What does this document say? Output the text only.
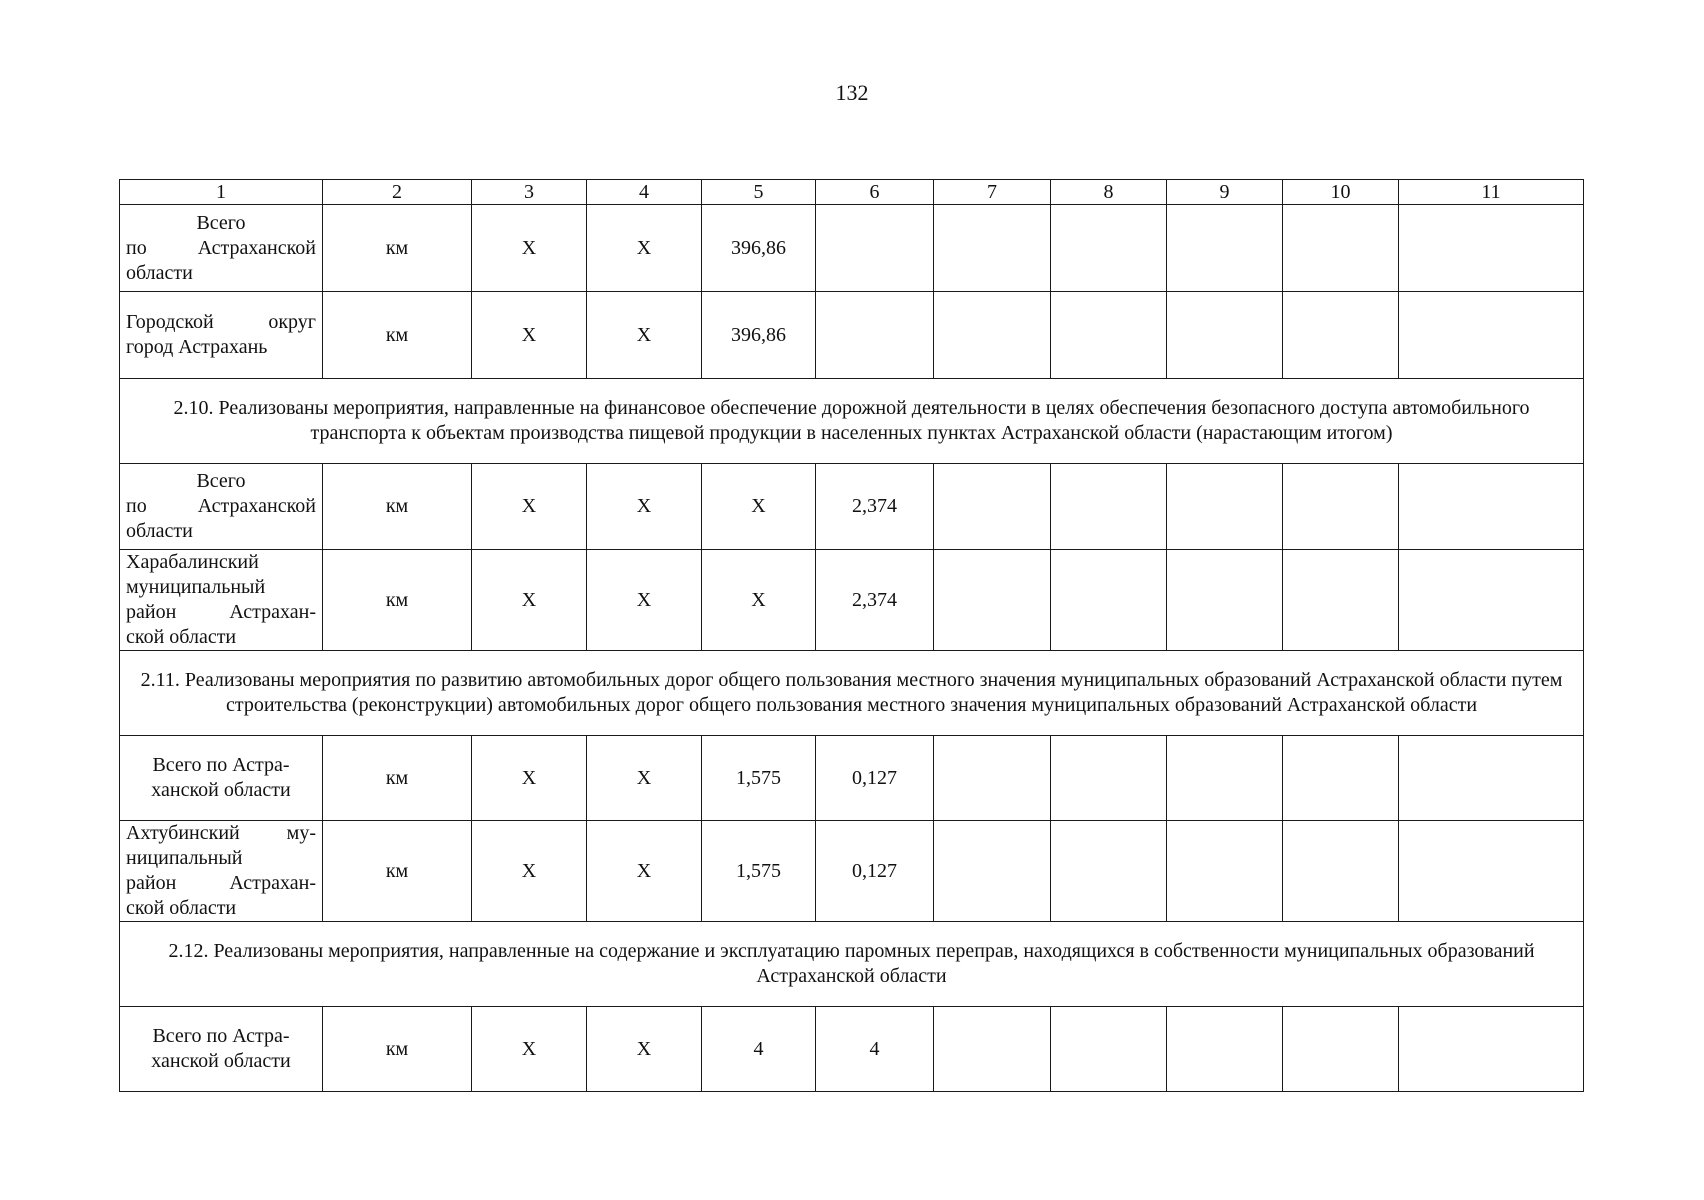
132
1	2	3	4	5	6	7	8	9	10	11

Всего
по Астраханской
области	км	X	X	396,86						

Городской округ
город Астрахань	км	X	X	396,86						
2.10. Реализованы мероприятия, направленные на финансовое обеспечение дорожной деятельности в целях обеспечения безопасного доступа автомобильного транспорта к объектам производства пищевой продукции в населенных пунктах Астраханской области (нарастающим итогом)										

Всего
по Астраханской
области	км	X	X	X	2,374					

Харабалинский
муниципальный
район Астрахан-
ской области	км	X	X	X	2,374					
2.11. Реализованы мероприятия по развитию автомобильных дорог общего пользования местного значения муниципальных образований Астраханской области путем строительства (реконструкции) автомобильных дорог общего пользования местного значения муниципальных образований Астраханской области										

Всего по Астра-
ханской области	км	X	X	1,575	0,127					

Ахтубинский му-
ниципальный
район Астрахан-
ской области	км	X	X	1,575	0,127					
2.12. Реализованы мероприятия, направленные на содержание и эксплуатацию паромных переправ, находящихся в собственности муниципальных образований Астраханской области										

Всего по Астра-
ханской области	км	X	X	4	4					
